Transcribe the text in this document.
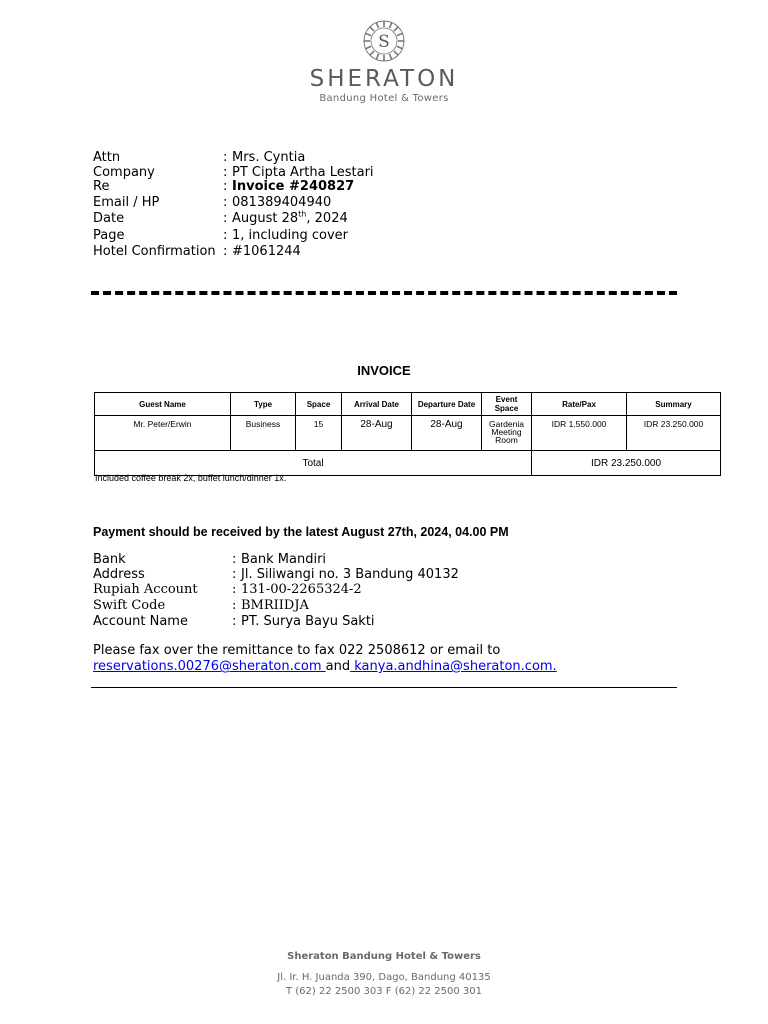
S
SHERATON
Bandung Hotel & Towers
Attn	: Mrs. Cyntia
Company	: PT Cipta Artha Lestari
Re	: Invoice #240827
Email / HP	: 081389404940
Date	: August 28th, 2024
Page	: 1, including cover
Hotel Confirmation : #1061244
INVOICE
Guest Name	Type	Space	Arrival Date	Departure Date	Event Space	Rate/Pax	Summary
Mr. Peter/Erwin	Business	15	28-Aug	28-Aug	Gardenia Meeting Room	IDR 1.550.000	IDR 23.250.000
Total						IDR 23.250.000	
Included coffee break 2x, buffet lunch/dinner 1x.
Payment should be received by the latest August 27th, 2024, 04.00 PM
Bank	: Bank Mandiri
Address	: Jl. Siliwangi no. 3 Bandung 40132
Rupiah Account	: 131-00-2265324-2
Swift Code	: BMRIIDJA
Account Name	: PT. Surya Bayu Sakti
Please fax over the remittance to fax 022 2508612 or email to
reservations.00276@sheraton.com and kanya.andhina@sheraton.com.
Sheraton Bandung Hotel & Towers
Jl. Ir. H. Juanda 390, Dago, Bandung 40135
T (62) 22 2500 303 F (62) 22 2500 301
